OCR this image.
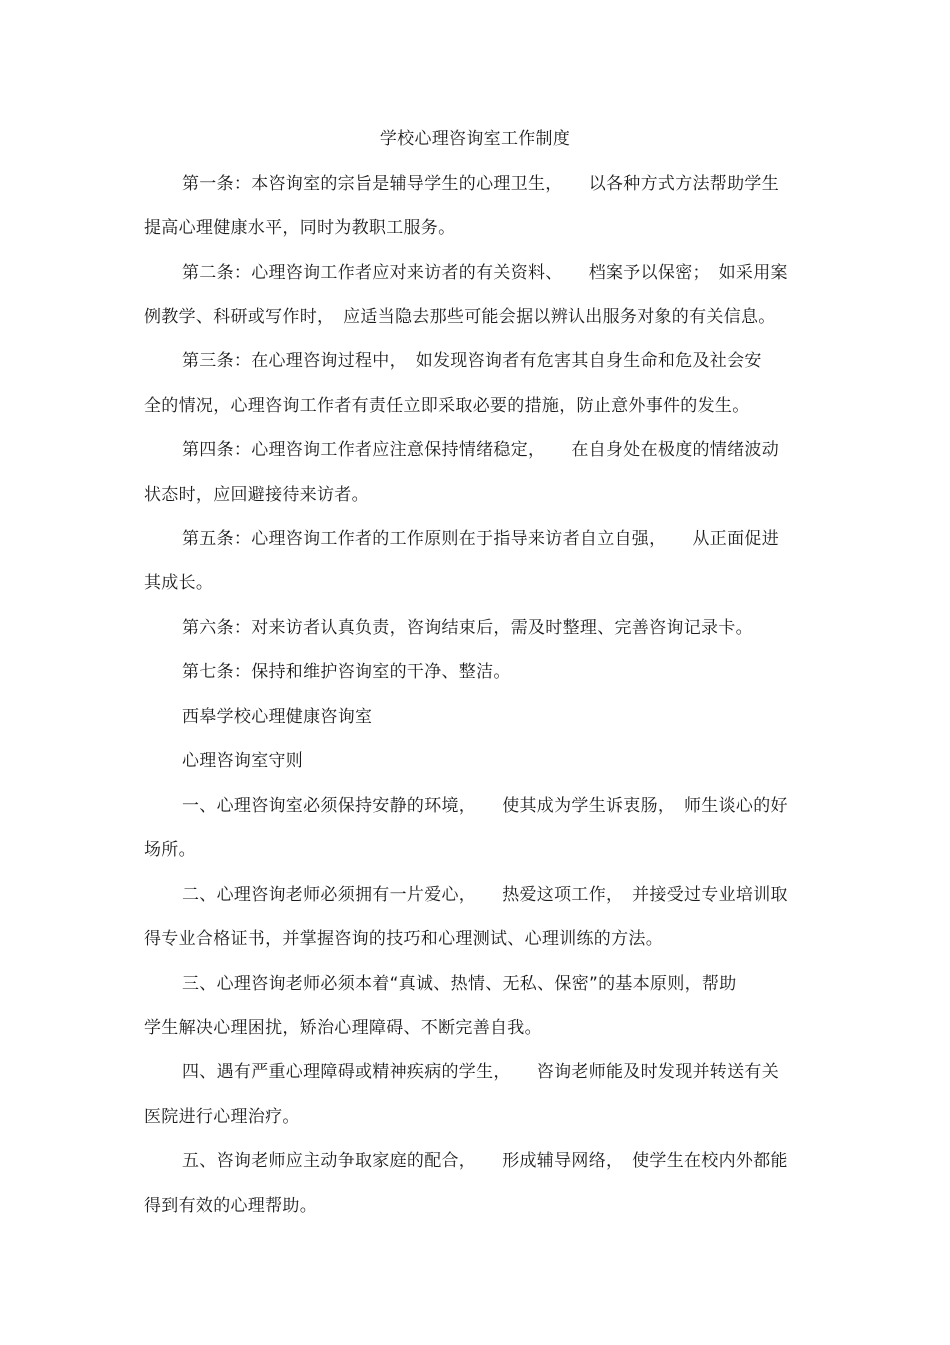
学校心理咨询室工作制度
第一条：本咨询室的宗旨是辅导学生的心理卫生，　　以各种方式方法帮助学生
提高心理健康水平，同时为教职工服务。
第二条：心理咨询工作者应对来访者的有关资料、　　档案予以保密；　如采用案
例教学、科研或写作时，　应适当隐去那些可能会据以辨认出服务对象的有关信息。
第三条：在心理咨询过程中，　如发现咨询者有危害其自身生命和危及社会安
全的情况，心理咨询工作者有责任立即采取必要的措施，防止意外事件的发生。
第四条：心理咨询工作者应注意保持情绪稳定，　　在自身处在极度的情绪波动
状态时，应回避接待来访者。
第五条：心理咨询工作者的工作原则在于指导来访者自立自强，　　从正面促进
其成长。
第六条：对来访者认真负责，咨询结束后，需及时整理、完善咨询记录卡。
第七条：保持和维护咨询室的干净、整洁。
西皋学校心理健康咨询室
心理咨询室守则
一、心理咨询室必须保持安静的环境，　　使其成为学生诉衷肠，　师生谈心的好
场所。
二、心理咨询老师必须拥有一片爱心，　　热爱这项工作，　并接受过专业培训取
得专业合格证书，并掌握咨询的技巧和心理测试、心理训练的方法。
三、心理咨询老师必须本着“真诚、热情、无私、保密”的基本原则，帮助
学生解决心理困扰，矫治心理障碍、不断完善自我。
四、遇有严重心理障碍或精神疾病的学生，　　咨询老师能及时发现并转送有关
医院进行心理治疗。
五、咨询老师应主动争取家庭的配合，　　形成辅导网络，　使学生在校内外都能
得到有效的心理帮助。
